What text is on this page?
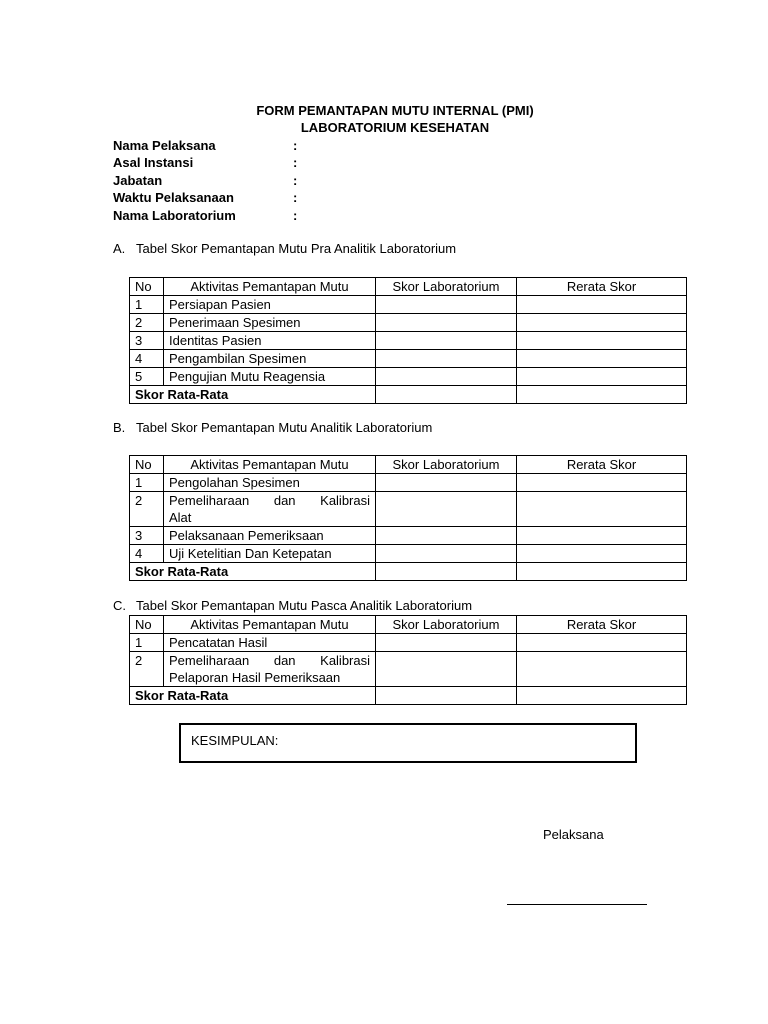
FORM PEMANTAPAN MUTU INTERNAL (PMI)
LABORATORIUM KESEHATAN
Nama Pelaksana	:
Asal Instansi	:
Jabatan	:
Waktu Pelaksanaan	:
Nama Laboratorium	:
A. Tabel Skor Pemantapan Mutu Pra Analitik Laboratorium
No	Aktivitas Pemantapan Mutu	Skor Laboratorium	Rerata Skor
1	Persiapan Pasien		
2	Penerimaan Spesimen		
3	Identitas Pasien		
4	Pengambilan Spesimen		
5	Pengujian Mutu Reagensia		
Skor Rata-Rata			
B. Tabel Skor Pemantapan Mutu Analitik Laboratorium
No	Aktivitas Pemantapan Mutu	Skor Laboratorium	Rerata Skor
1	Pengolahan Spesimen		
2	Pemeliharaan dan Kalibrasi
Alat		

3	Pelaksanaan Pemeriksaan		
4	Uji Ketelitian Dan Ketepatan		
Skor Rata-Rata			
C. Tabel Skor Pemantapan Mutu Pasca Analitik Laboratorium
No	Aktivitas Pemantapan Mutu	Skor Laboratorium	Rerata Skor
1	Pencatatan Hasil		
2	Pemeliharaan dan Kalibrasi
Pelaporan Hasil Pemeriksaan		

Skor Rata-Rata			
KESIMPULAN:
Pelaksana
